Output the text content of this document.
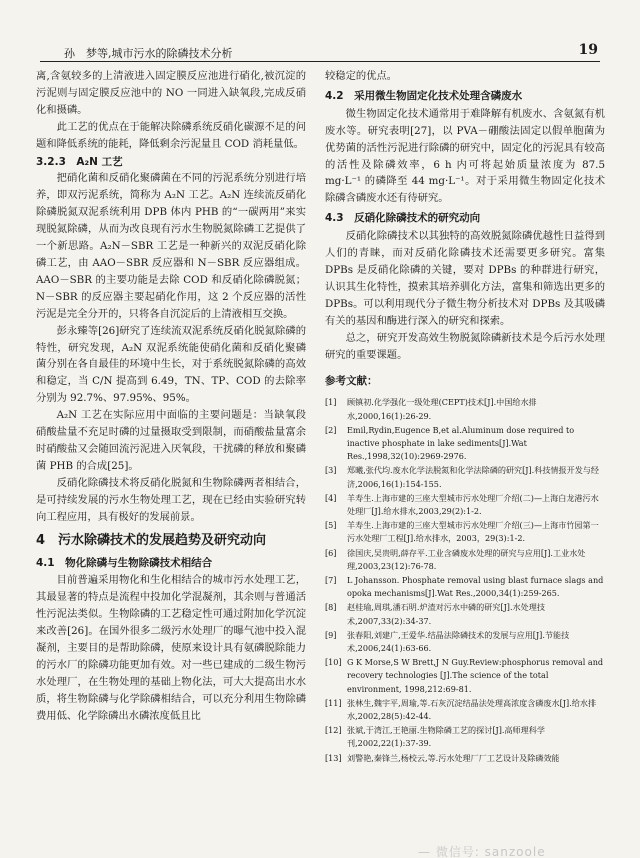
孙　梦等,城市污水的除磷技术分析	19

离,含氨较多的上清液进入固定膜反应池进行硝化,被沉淀的污泥则与固定膜反应池中的 NO 一同进入缺氧段,完成反硝化和摄磷。

此工艺的优点在于能解决除磷系统反硝化碳源不足的问题和降低系统的能耗，降低剩余污泥量且 COD 消耗量低。

3.2.3　A₂N 工艺

把硝化菌和反硝化聚磷菌在不同的污泥系统分别进行培养，即双污泥系统，简称为 A₂N 工艺。A₂N 连续流反硝化除磷脱氮双泥系统利用 DPB 体内 PHB 的“一碳两用”来实现脱氮除磷，从而为改良现有污水生物脱氮除磷工艺提供了一个新思路。A₂N－SBR 工艺是一种新兴的双泥反硝化除磷工艺，由 AAO－SBR 反应器和 N－SBR 反应器组成。AAO－SBR 的主要功能是去除 COD 和反硝化除磷脱氮；N－SBR 的反应器主要起硝化作用，这 2 个反应器的活性污泥是完全分开的，只将各自沉淀后的上清液相互交换。

彭永臻等[26]研究了连续流双泥系统反硝化脱氮除磷的特性，研究发现，A₂N 双泥系统能使硝化菌和反硝化聚磷菌分别在各自最佳的环境中生长，对于系统脱氮除磷的高效和稳定，当 C/N 提高到 6.49，TN、TP、COD 的去除率分别为 92.7%、97.95%、95%。

A₂N 工艺在实际应用中面临的主要问题是：当缺氧段硝酸盐量不充足时磷的过量摄取受到限制，而硝酸盐量富余时硝酸盐又会随回流污泥进入厌氧段，干扰磷的释放和聚磷菌 PHB 的合成[25]。

反硝化除磷技术将反硝化脱氮和生物除磷两者相结合，是可持续发展的污水生物处理工艺，现在已经由实验研究转向工程应用，具有极好的发展前景。

4　污水除磷技术的发展趋势及研究动向

4.1　物化除磷与生物除磷技术相结合

目前普遍采用物化和生化相结合的城市污水处理工艺，其最显著的特点是流程中投加化学混凝剂，其余则与普通活性污泥法类似。生物除磷的工艺稳定性可通过附加化学沉淀来改善[26]。在国外很多二级污水处理厂的曝气池中投入混凝剂，主要目的是帮助除磷，使原来设计具有氨磷脱除能力的污水厂的除磷功能更加有效。对一些已建成的二级生物污水处理厂，在生物处理的基础上物化法，可大大提高出水水质，将生物除磷与化学除磷相结合，可以充分利用生物除磷费用低、化学除磷出水磷浓度低且比

较稳定的优点。

4.2　采用微生物固定化技术处理含磷废水

微生物固定化技术通常用于难降解有机废水、含氨氮有机废水等。研究表明[27]，以 PVA－硼酸法固定以假单胞菌为优势菌的活性污泥进行除磷的研究中，固定化的污泥具有较高的活性及除磷效率，6 h 内可将起始质量浓度为 87.5 mg·L⁻¹ 的磷降至 44 mg·L⁻¹。对于采用微生物固定化技术除磷含磷废水还有待研究。

4.3　反硝化除磷技术的研究动向

反硝化除磷技术以其独特的高效脱氮除磷优越性日益得到人们的青睐，而对反硝化除磷技术还需要更多研究。富集 DPBs 是反硝化除磷的关键，要对 DPBs 的种群进行研究，认识其生化特性，摸索其培养驯化方法，富集和筛选出更多的 DPBs。可以利用现代分子微生物分析技术对 DPBs 及其吸磷有关的基因和酶进行深入的研究和探索。

总之，研究开发高效生物脱氮除磷新技术是今后污水处理研究的重要课题。

参考文献：

[1]	顾镇初.化学强化一级处理(CEPT)技术[J].中国给水排水,2000,16(1):26-29.
[2]	Emil,Rydin,Eugence B,et al.Aluminum dose required to inactive phosphate in lake sediments[J].Wat Res.,1998,32(10):2969-2976.
[3]	郑曦,张代均.废水化学法脱氮和化学法除磷的研究[J].科技情报开发与经济,2006,16(1):154-155.
[4]	羊寿生.上海市建的三座大型城市污水处理厂介绍(二)—上海白龙港污水处理厂[J].给水排水,2003,29(2):1-2.
[5]	羊寿生.上海市建的三座大型城市污水处理厂介绍(三)—上海市竹园第一污水处理厂工程[J].给水排水，2003，29(3):1-2.
[6]	徐国庆,吴贵明,薛存平.工业含磷废水处理的研究与应用[J].工业水处理,2003,23(12):76-78.
[7]	L Johansson. Phosphate removal using blast furnace slags and opoka mechanisms[J].Wat Res.,2000,34(1):259-265.
[8]	赵桂瑜,周琪,潘石明.炉渣对污水中磷的研究[J].水处理技术,2007,33(2):34-37.
[9]	张春阳,刘建广,王爱华.结晶法除磷技术的发展与应用[J].节能技术,2006,24(1):63-66.
[10] G K Morse,S W Brett,J N Guy.Review:phosphorus removal and recovery technologies [J].The science of the total environment, 1998,212:69-81.
[11] 张林生,魏宇平,周瑜,等.石灰沉淀结晶法处理高浓度含磷废水[J].给水排水,2002,28(5):42-44.
[12] 张斌,于湾江,王艳丽.生物除磷工艺的探讨[J].高师理科学刊,2002,22(1):37-39.
[13] 刘警艳,秦锋兰,杨校云,等.污水处理厂厂工艺设计及除磷效能
— 微信号: sanzoole
